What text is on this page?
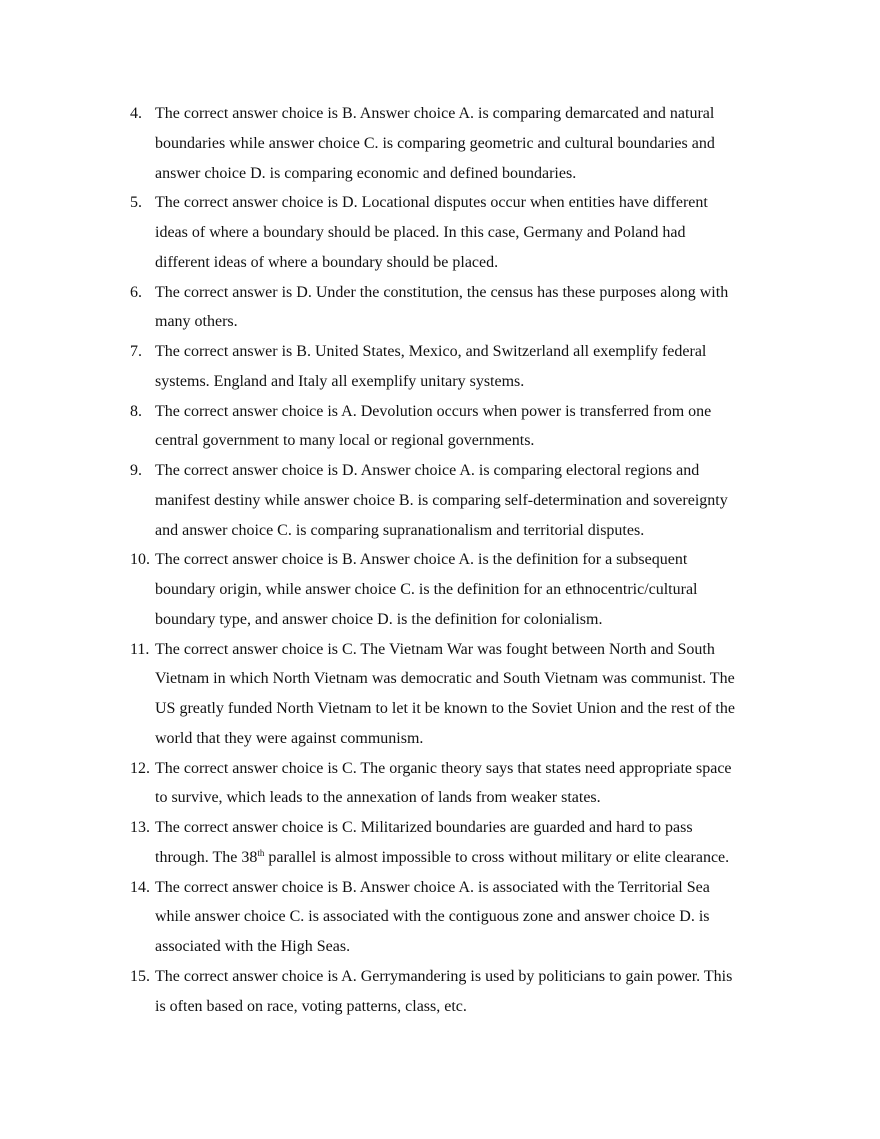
4. The correct answer choice is B. Answer choice A. is comparing demarcated and natural
boundaries while answer choice C. is comparing geometric and cultural boundaries and
answer choice D. is comparing economic and defined boundaries.
5. The correct answer choice is D. Locational disputes occur when entities have different
ideas of where a boundary should be placed. In this case, Germany and Poland had
different ideas of where a boundary should be placed.
6. The correct answer is D. Under the constitution, the census has these purposes along with
many others.
7. The correct answer is B. United States, Mexico, and Switzerland all exemplify federal
systems. England and Italy all exemplify unitary systems.
8. The correct answer choice is A. Devolution occurs when power is transferred from one
central government to many local or regional governments.
9. The correct answer choice is D. Answer choice A. is comparing electoral regions and
manifest destiny while answer choice B. is comparing self-determination and sovereignty
and answer choice C. is comparing supranationalism and territorial disputes.
10. The correct answer choice is B. Answer choice A. is the definition for a subsequent
boundary origin, while answer choice C. is the definition for an ethnocentric/cultural
boundary type, and answer choice D. is the definition for colonialism.
11. The correct answer choice is C. The Vietnam War was fought between North and South
Vietnam in which North Vietnam was democratic and South Vietnam was communist. The
US greatly funded North Vietnam to let it be known to the Soviet Union and the rest of the
world that they were against communism.
12. The correct answer choice is C. The organic theory says that states need appropriate space
to survive, which leads to the annexation of lands from weaker states.
13. The correct answer choice is C. Militarized boundaries are guarded and hard to pass
through. The 38th parallel is almost impossible to cross without military or elite clearance.
14. The correct answer choice is B. Answer choice A. is associated with the Territorial Sea
while answer choice C. is associated with the contiguous zone and answer choice D. is
associated with the High Seas.
15. The correct answer choice is A. Gerrymandering is used by politicians to gain power. This
is often based on race, voting patterns, class, etc.
